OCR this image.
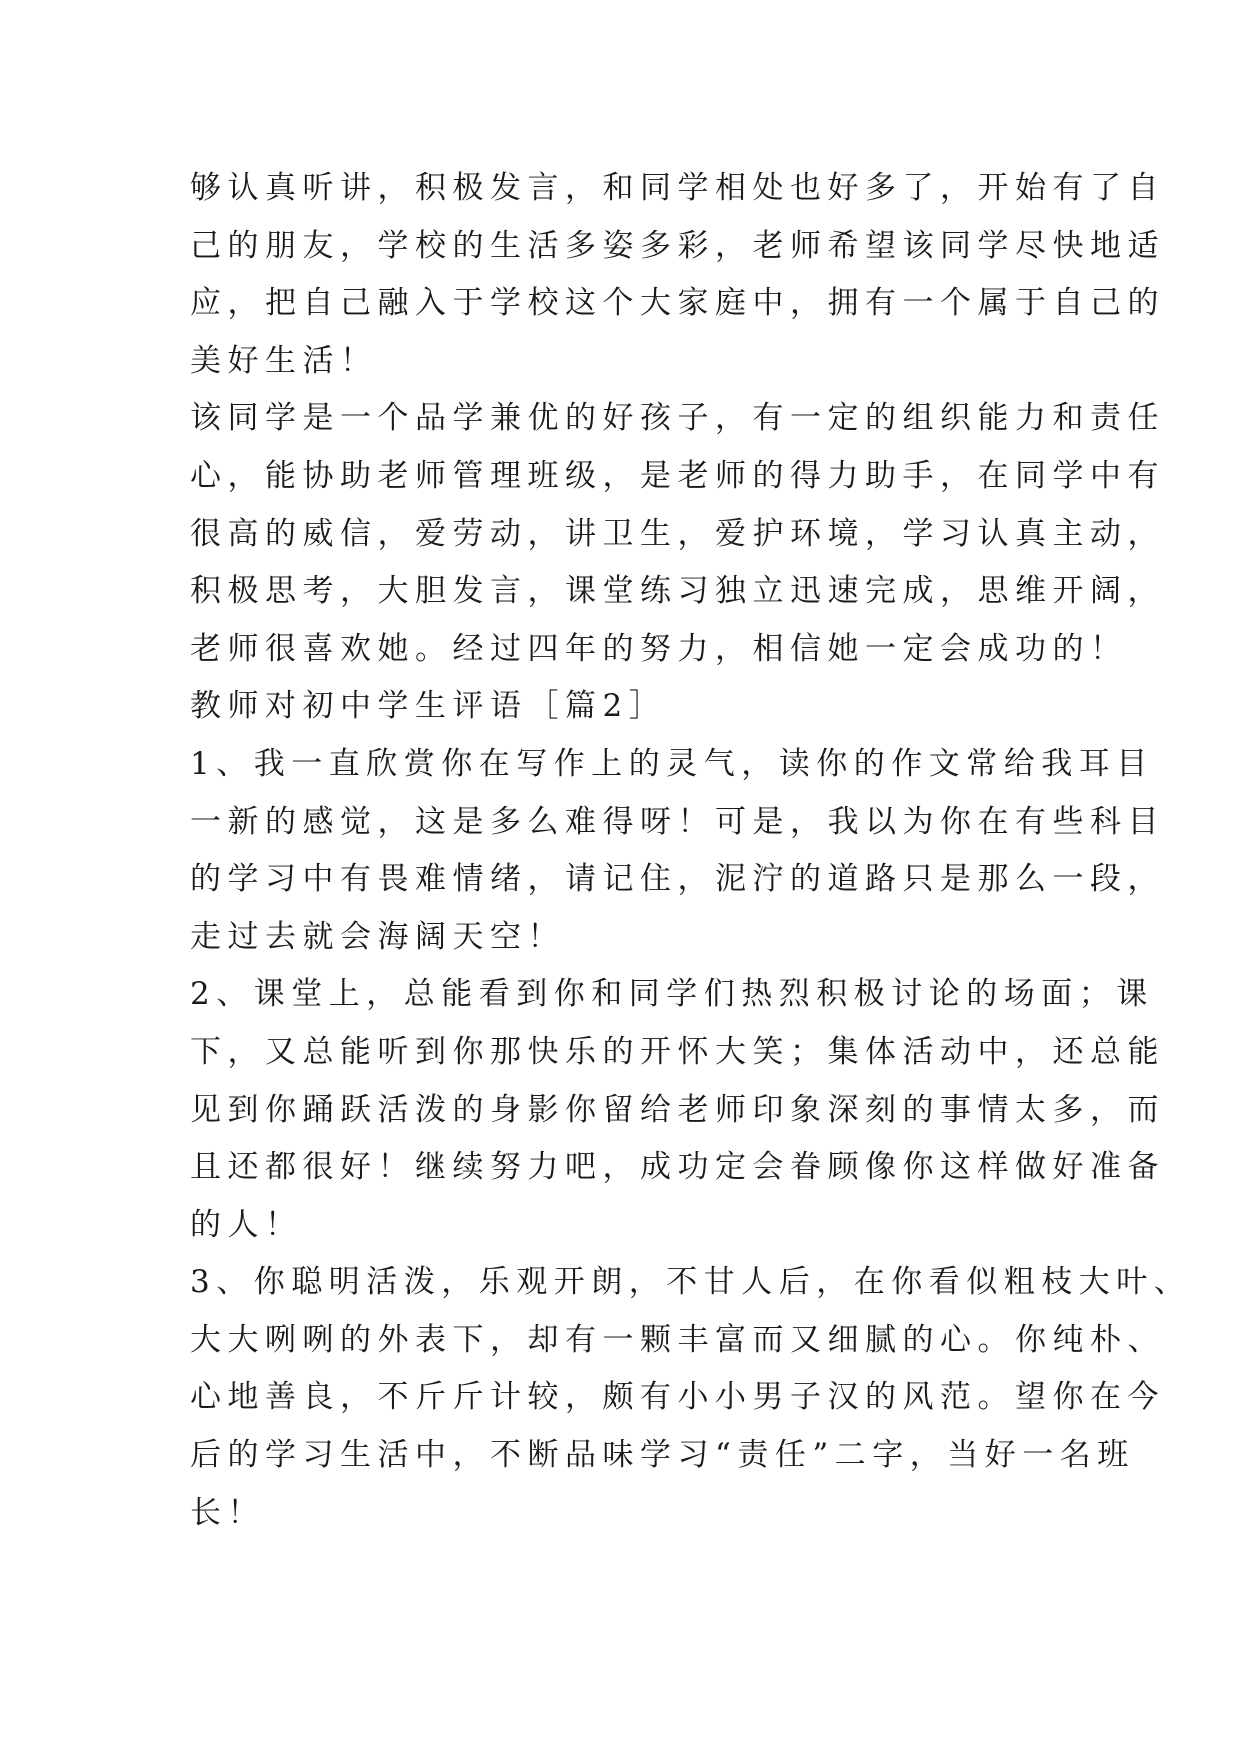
够认真听讲，积极发言，和同学相处也好多了，开始有了自
己的朋友，学校的生活多姿多彩，老师希望该同学尽快地适
应，把自己融入于学校这个大家庭中，拥有一个属于自己的
美好生活！
该同学是一个品学兼优的好孩子，有一定的组织能力和责任
心，能协助老师管理班级，是老师的得力助手，在同学中有
很高的威信，爱劳动，讲卫生，爱护环境，学习认真主动，
积极思考，大胆发言，课堂练习独立迅速完成，思维开阔，
老师很喜欢她。经过四年的努力，相信她一定会成功的！
教师对初中学生评语［篇2］
1、我一直欣赏你在写作上的灵气，读你的作文常给我耳目
一新的感觉，这是多么难得呀！可是，我以为你在有些科目
的学习中有畏难情绪，请记住，泥泞的道路只是那么一段，
走过去就会海阔天空！
2、课堂上，总能看到你和同学们热烈积极讨论的场面；课
下，又总能听到你那快乐的开怀大笑；集体活动中，还总能
见到你踊跃活泼的身影你留给老师印象深刻的事情太多，而
且还都很好！继续努力吧，成功定会眷顾像你这样做好准备
的人！
3、你聪明活泼，乐观开朗，不甘人后，在你看似粗枝大叶、
大大咧咧的外表下，却有一颗丰富而又细腻的心。你纯朴、
心地善良，不斤斤计较，颇有小小男子汉的风范。望你在今
后的学习生活中，不断品味学习“责任”二字，当好一名班
长！
